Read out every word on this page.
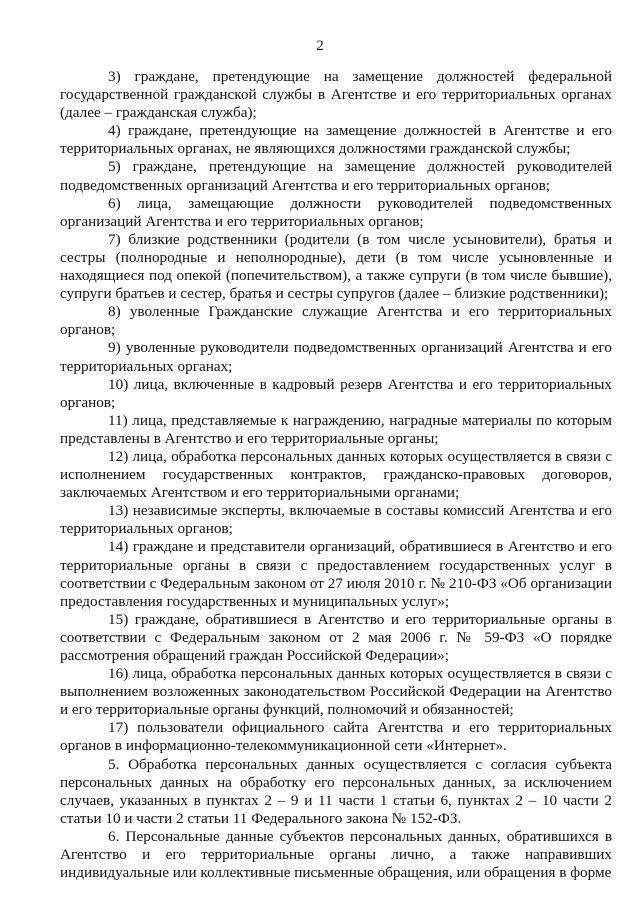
2

3) граждане, претендующие на замещение должностей федеральной государственной гражданской службы в Агентстве и его территориальных органах (далее – гражданская служба);

4) граждане, претендующие на замещение должностей в Агентстве и его территориальных органах, не являющихся должностями гражданской службы;

5) граждане, претендующие на замещение должностей руководителей подведомственных организаций Агентства и его территориальных органов;

6) лица, замещающие должности руководителей подведомственных организаций Агентства и его территориальных органов;

7) близкие родственники (родители (в том числе усыновители), братья и сестры (полнородные и неполнородные), дети (в том числе усыновленные и находящиеся под опекой (попечительством), а также супруги (в том числе бывшие), супруги братьев и сестер, братья и сестры супругов (далее – близкие родственники);

8) уволенные Гражданские служащие Агентства и его территориальных органов;

9) уволенные руководители подведомственных организаций Агентства и его территориальных органах;

10) лица, включенные в кадровый резерв Агентства и его территориальных органов;

11) лица, представляемые к награждению, наградные материалы по которым представлены в Агентство и его территориальные органы;

12) лица, обработка персональных данных которых осуществляется в связи с исполнением государственных контрактов, гражданско-правовых договоров, заключаемых Агентством и его территориальными органами;

13) независимые эксперты, включаемые в составы комиссий Агентства и его территориальных органов;

14) граждане и представители организаций, обратившиеся в Агентство и его территориальные органы в связи с предоставлением государственных услуг в соответствии с Федеральным законом от 27 июля 2010 г. № 210-ФЗ «Об организации предоставления государственных и муниципальных услуг»;

15) граждане, обратившиеся в Агентство и его территориальные органы в соответствии с Федеральным законом от 2 мая 2006 г. № 59-ФЗ «О порядке рассмотрения обращений граждан Российской Федерации»;

16) лица, обработка персональных данных которых осуществляется в связи с выполнением возложенных законодательством Российской Федерации на Агентство и его территориальные органы функций, полномочий и обязанностей;

17) пользователи официального сайта Агентства и его территориальных органов в информационно-телекоммуникационной сети «Интернет».

5. Обработка персональных данных осуществляется с согласия субъекта персональных данных на обработку его персональных данных, за исключением случаев, указанных в пунктах 2 – 9 и 11 части 1 статьи 6, пунктах 2 – 10 части 2 статьи 10 и части 2 статьи 11 Федерального закона № 152-ФЗ.

6. Персональные данные субъектов персональных данных, обратившихся в Агентство и его территориальные органы лично, а также направивших индивидуальные или коллективные письменные обращения, или обращения в форме
